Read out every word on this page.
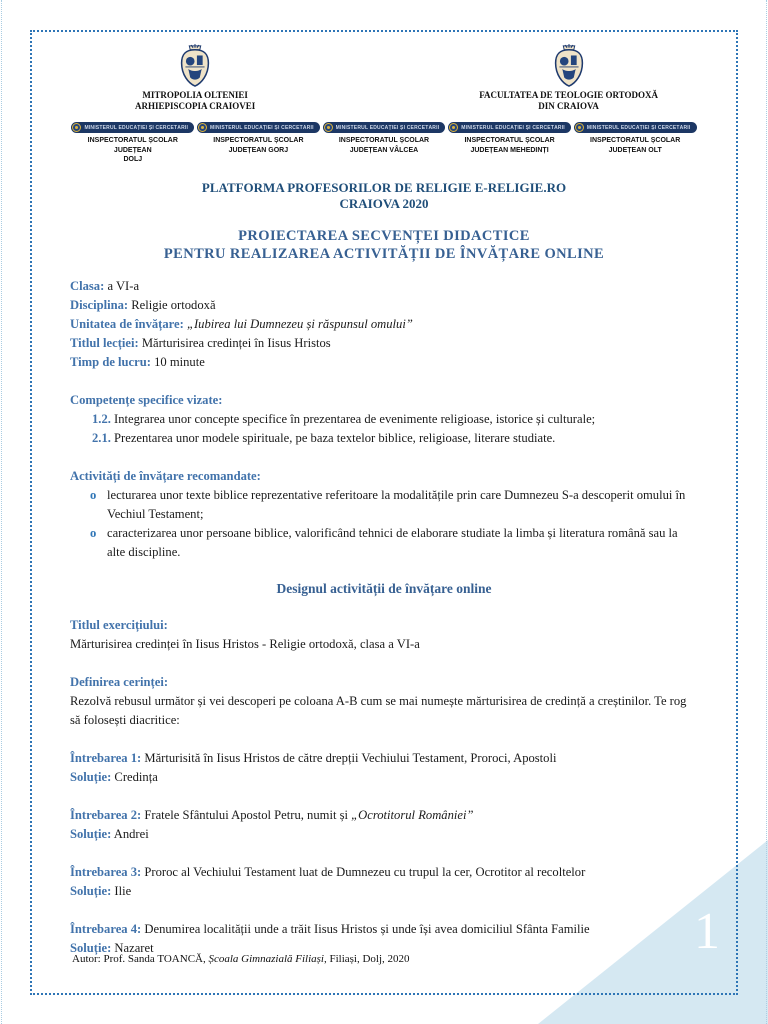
1
MITROPOLIA OLTENIEI
ARHIEPISCOPIA CRAIOVEI
FACULTATEA DE TEOLOGIE ORTODOXĂ
DIN CRAIOVA
MINISTERUL EDUCAȚIEI ȘI CERCETĂRII
INSPECTORATUL ȘCOLAR JUDEȚEAN
DOLJ
MINISTERUL EDUCAȚIEI ȘI CERCETĂRII
INSPECTORATUL ȘCOLAR
JUDEȚEAN GORJ
MINISTERUL EDUCAȚIEI ȘI CERCETĂRII
INSPECTORATUL ȘCOLAR
JUDEȚEAN VÂLCEA
MINISTERUL EDUCAȚIEI ȘI CERCETĂRII
INSPECTORATUL ȘCOLAR
JUDEȚEAN MEHEDINȚI
MINISTERUL EDUCAȚIEI ȘI CERCETĂRII
INSPECTORATUL ȘCOLAR
JUDEȚEAN OLT
PLATFORMA PROFESORILOR DE RELIGIE E-RELIGIE.RO
CRAIOVA 2020
PROIECTAREA SECVENȚEI DIDACTICE
PENTRU REALIZAREA ACTIVITĂȚII DE ÎNVĂȚARE ONLINE
Clasa: a VI-a
Disciplina: Religie ortodoxă
Unitatea de învățare: „Iubirea lui Dumnezeu și răspunsul omului”
Titlul lecției: Mărturisirea credinței în Iisus Hristos
Timp de lucru: 10 minute
Competențe specifice vizate:
1.2. Integrarea unor concepte specifice în prezentarea de evenimente religioase, istorice și culturale;
2.1. Prezentarea unor modele spirituale, pe baza textelor biblice, religioase, literare studiate.
Activități de învățare recomandate:
o lecturarea unor texte biblice reprezentative referitoare la modalitățile prin care Dumnezeu S-a descoperit omului în Vechiul Testament;
o caracterizarea unor persoane biblice, valorificând tehnici de elaborare studiate la limba și literatura română sau la alte discipline.
Designul activității de învățare online
Titlul exercițiului:
Mărturisirea credinței în Iisus Hristos - Religie ortodoxă, clasa a VI-a
Definirea cerinței:
Rezolvă rebusul următor și vei descoperi pe coloana A-B cum se mai numește mărturisirea de credință a creștinilor. Te rog să folosești diacritice:
Întrebarea 1: Mărturisită în Iisus Hristos de către drepții Vechiului Testament, Proroci, Apostoli
Soluție: Credința
Întrebarea 2: Fratele Sfântului Apostol Petru, numit și „Ocrotitorul României”
Soluție: Andrei
Întrebarea 3: Proroc al Vechiului Testament luat de Dumnezeu cu trupul la cer, Ocrotitor al recoltelor
Soluție: Ilie
Întrebarea 4: Denumirea localității unde a trăit Iisus Hristos și unde își avea domiciliul Sfânta Familie
Soluție: Nazaret
Autor: Prof. Sanda TOANCĂ, Școala Gimnazială Filiași, Filiași, Dolj, 2020
